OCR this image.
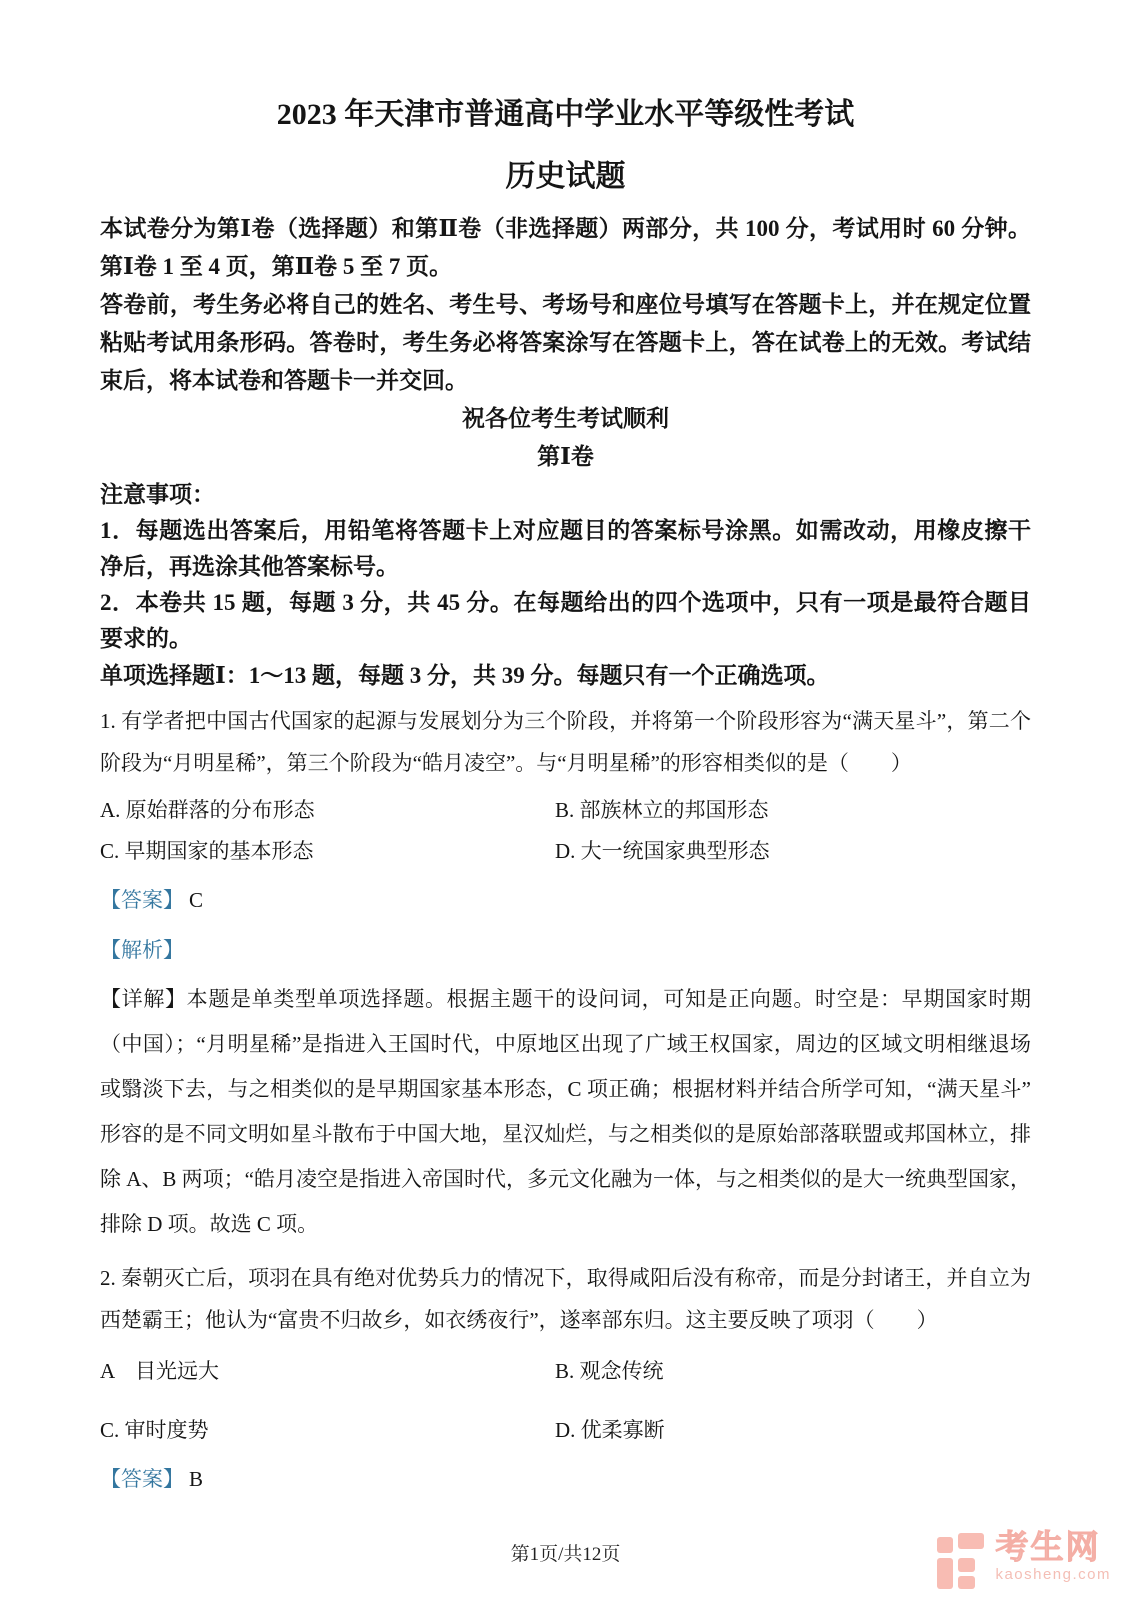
2023 年天津市普通高中学业水平等级性考试
历史试题

本试卷分为第Ⅰ卷（选择题）和第Ⅱ卷（非选择题）两部分，共 100 分，考试用时 60 分钟。第Ⅰ卷 1 至 4 页，第Ⅱ卷 5 至 7 页。

答卷前，考生务必将自己的姓名、考生号、考场号和座位号填写在答题卡上，并在规定位置粘贴考试用条形码。答卷时，考生务必将答案涂写在答题卡上，答在试卷上的无效。考试结束后，将本试卷和答题卡一并交回。

祝各位考生考试顺利

第Ⅰ卷

注意事项：

1．每题选出答案后，用铅笔将答题卡上对应题目的答案标号涂黑。如需改动，用橡皮擦干净后，再选涂其他答案标号。

2．本卷共 15 题，每题 3 分，共 45 分。在每题给出的四个选项中，只有一项是最符合题目要求的。

单项选择题Ⅰ：1～13 题，每题 3 分，共 39 分。每题只有一个正确选项。

1. 有学者把中国古代国家的起源与发展划分为三个阶段，并将第一个阶段形容为“满天星斗”，第二个阶段为“月明星稀”，第三个阶段为“皓月凌空”。与“月明星稀”的形容相类似的是（　　）

A. 原始群落的分布形态	B. 部族林立的邦国形态
C. 早期国家的基本形态	D. 大一统国家典型形态

【答案】 C

【解析】

【详解】本题是单类型单项选择题。根据主题干的设问词，可知是正向题。时空是：早期国家时期（中国）；“月明星稀”是指进入王国时代，中原地区出现了广域王权国家，周边的区域文明相继退场或翳淡下去，与之相类似的是早期国家基本形态，C 项正确；根据材料并结合所学可知，“满天星斗”形容的是不同文明如星斗散布于中国大地，星汉灿烂，与之相类似的是原始部落联盟或邦国林立，排除 A、B 两项；“皓月凌空是指进入帝国时代，多元文化融为一体，与之相类似的是大一统典型国家，排除 D 项。故选 C 项。

2. 秦朝灭亡后，项羽在具有绝对优势兵力的情况下，取得咸阳后没有称帝，而是分封诸王，并自立为西楚霸王；他认为“富贵不归故乡，如衣绣夜行”，遂率部东归。这主要反映了项羽（　　）

A　目光远大	B. 观念传统
C. 审时度势	D. 优柔寡断

【答案】 B

第1页/共12页	考生网
kaosheng.com
